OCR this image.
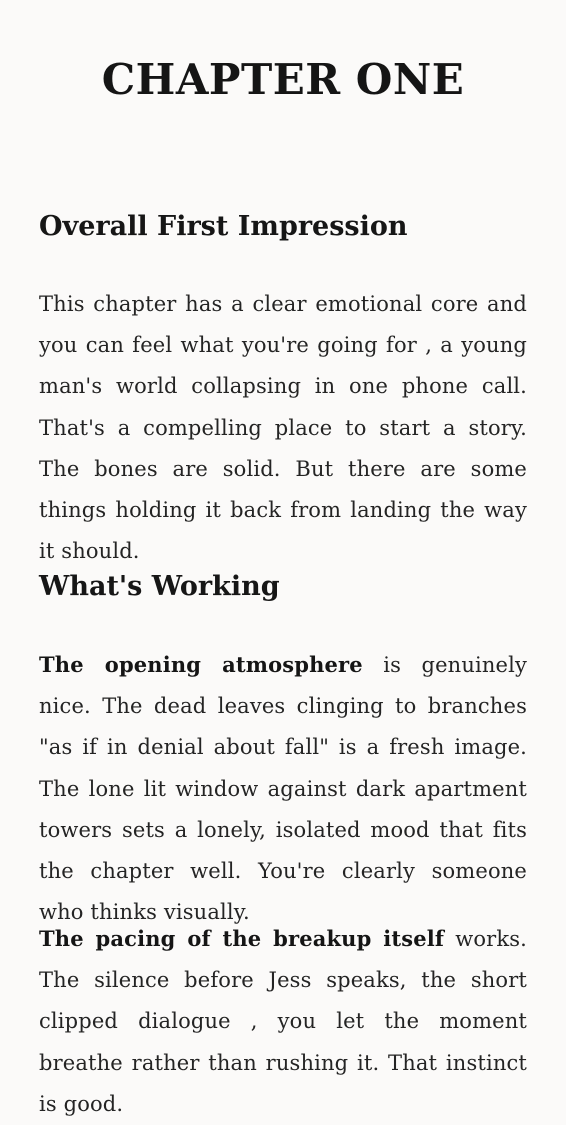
CHAPTER ONE
Overall First Impression

This chapter has a clear emotional core and you can feel what you're going for , a young man's world collapsing in one phone call. That's a compelling place to start a story. The bones are solid. But there are some things holding it back from landing the way it should.

What's Working

The opening atmosphere is genuinely nice. The dead leaves clinging to branches "as if in denial about fall" is a fresh image. The lone lit window against dark apartment towers sets a lonely, isolated mood that fits the chapter well. You're clearly someone who thinks visually.

The pacing of the breakup itself works. The silence before Jess speaks, the short clipped dialogue , you let the moment breathe rather than rushing it. That instinct is good.
